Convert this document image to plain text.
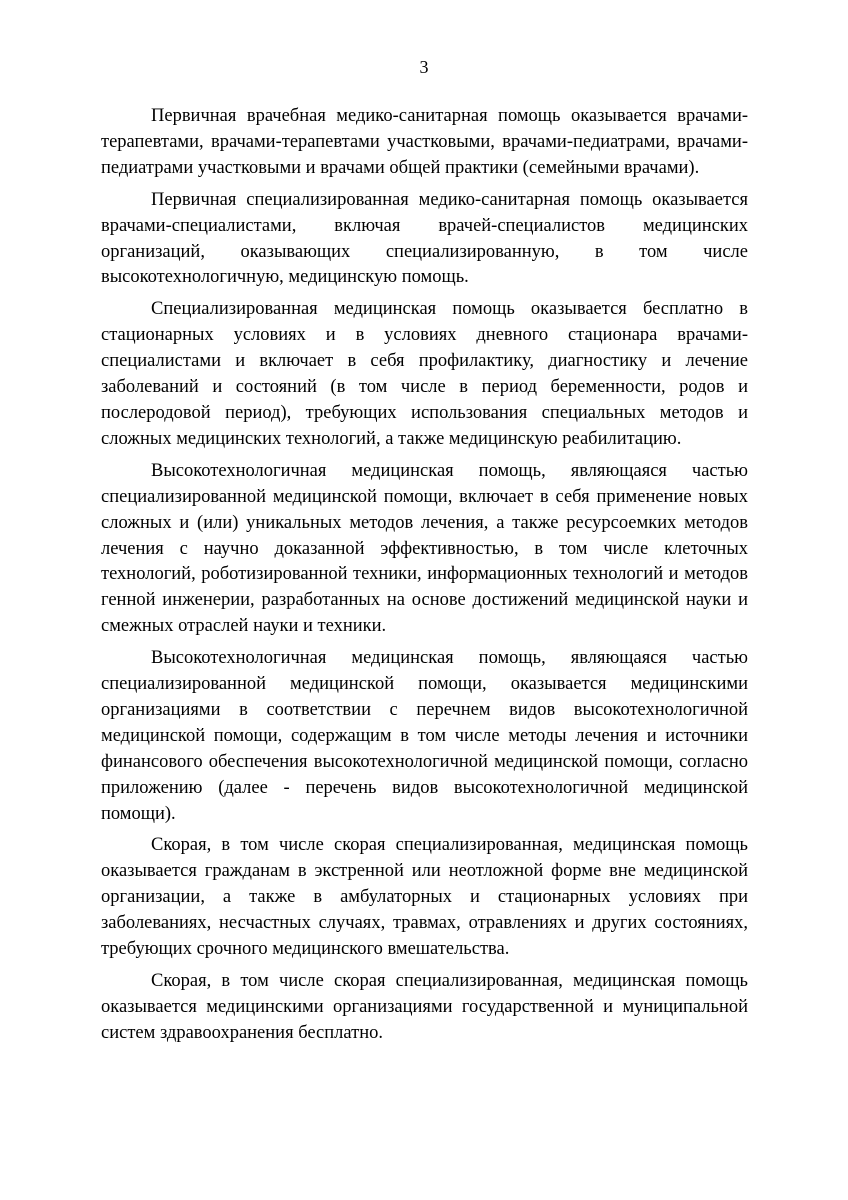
3

Первичная врачебная медико-санитарная помощь оказывается врачами-терапевтами, врачами-терапевтами участковыми, врачами-педиатрами, врачами-педиатрами участковыми и врачами общей практики (семейными врачами).

Первичная специализированная медико-санитарная помощь оказывается врачами-специалистами, включая врачей-специалистов медицинских организаций, оказывающих специализированную, в том числе высокотехнологичную, медицинскую помощь.

Специализированная медицинская помощь оказывается бесплатно в стационарных условиях и в условиях дневного стационара врачами-специалистами и включает в себя профилактику, диагностику и лечение заболеваний и состояний (в том числе в период беременности, родов и послеродовой период), требующих использования специальных методов и сложных медицинских технологий, а также медицинскую реабилитацию.

Высокотехнологичная медицинская помощь, являющаяся частью специализированной медицинской помощи, включает в себя применение новых сложных и (или) уникальных методов лечения, а также ресурсоемких методов лечения с научно доказанной эффективностью, в том числе клеточных технологий, роботизированной техники, информационных технологий и методов генной инженерии, разработанных на основе достижений медицинской науки и смежных отраслей науки и техники.

Высокотехнологичная медицинская помощь, являющаяся частью специализированной медицинской помощи, оказывается медицинскими организациями в соответствии с перечнем видов высокотехнологичной медицинской помощи, содержащим в том числе методы лечения и источники финансового обеспечения высокотехнологичной медицинской помощи, согласно приложению (далее - перечень видов высокотехнологичной медицинской помощи).

Скорая, в том числе скорая специализированная, медицинская помощь оказывается гражданам в экстренной или неотложной форме вне медицинской организации, а также в амбулаторных и стационарных условиях при заболеваниях, несчастных случаях, травмах, отравлениях и других состояниях, требующих срочного медицинского вмешательства.

Скорая, в том числе скорая специализированная, медицинская помощь оказывается медицинскими организациями государственной и муниципальной систем здравоохранения бесплатно.
